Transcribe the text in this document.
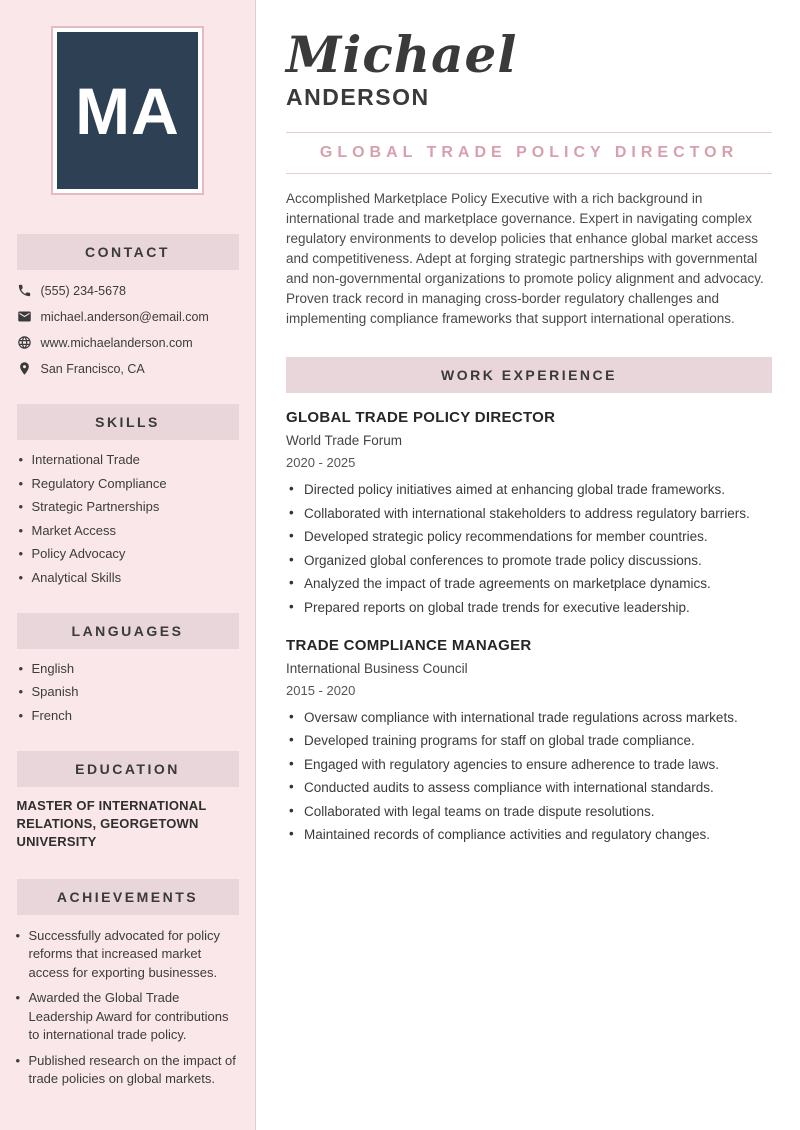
MA
CONTACT
(555) 234-5678
michael.anderson@email.com
www.michaelanderson.com
San Francisco, CA
SKILLS
• International Trade
• Regulatory Compliance
• Strategic Partnerships
• Market Access
• Policy Advocacy
• Analytical Skills
LANGUAGES
• English
• Spanish
• French
EDUCATION
MASTER OF INTERNATIONAL RELATIONS, GEORGETOWN UNIVERSITY
ACHIEVEMENTS
• Successfully advocated for policy reforms that increased market access for exporting businesses.
• Awarded the Global Trade Leadership Award for contributions to international trade policy.
• Published research on the impact of trade policies on global markets.
Michael
ANDERSON
GLOBAL TRADE POLICY DIRECTOR

Accomplished Marketplace Policy Executive with a rich background in international trade and marketplace governance. Expert in navigating complex regulatory environments to develop policies that enhance global market access and competitiveness. Adept at forging strategic partnerships with governmental and non-governmental organizations to promote policy alignment and advocacy. Proven track record in managing cross-border regulatory challenges and implementing compliance frameworks that support international operations.

WORK EXPERIENCE
GLOBAL TRADE POLICY DIRECTOR
World Trade Forum
2020 - 2025
• Directed policy initiatives aimed at enhancing global trade frameworks.
• Collaborated with international stakeholders to address regulatory barriers.
• Developed strategic policy recommendations for member countries.
• Organized global conferences to promote trade policy discussions.
• Analyzed the impact of trade agreements on marketplace dynamics.
• Prepared reports on global trade trends for executive leadership.
TRADE COMPLIANCE MANAGER
International Business Council
2015 - 2020
• Oversaw compliance with international trade regulations across markets.
• Developed training programs for staff on global trade compliance.
• Engaged with regulatory agencies to ensure adherence to trade laws.
• Conducted audits to assess compliance with international standards.
• Collaborated with legal teams on trade dispute resolutions.
• Maintained records of compliance activities and regulatory changes.
